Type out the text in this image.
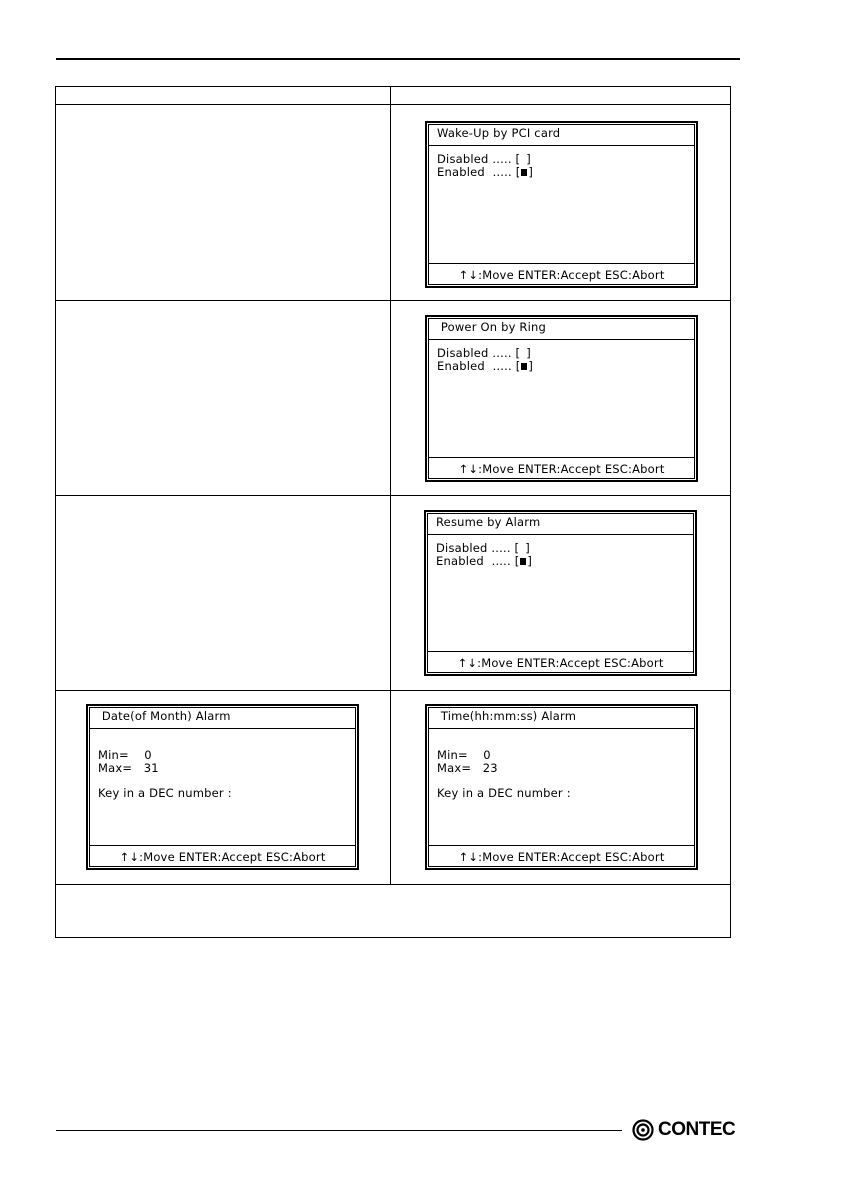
Wake-Up by PCI card
Disabled ..... [ ]
Enabled  ..... [ ]
↑↓:Move ENTER:Accept ESC:Abort
Power On by Ring
Disabled ..... [ ]
Enabled  ..... [ ]
↑↓:Move ENTER:Accept ESC:Abort
Resume by Alarm
Disabled ..... [ ]
Enabled  ..... [ ]
↑↓:Move ENTER:Accept ESC:Abort
Date(of Month) Alarm
Min=    0
Max=   31
Key in a DEC number :
↑↓:Move ENTER:Accept ESC:Abort
Time(hh:mm:ss) Alarm
Min=    0
Max=   23
Key in a DEC number :
↑↓:Move ENTER:Accept ESC:Abort
CONTEC
